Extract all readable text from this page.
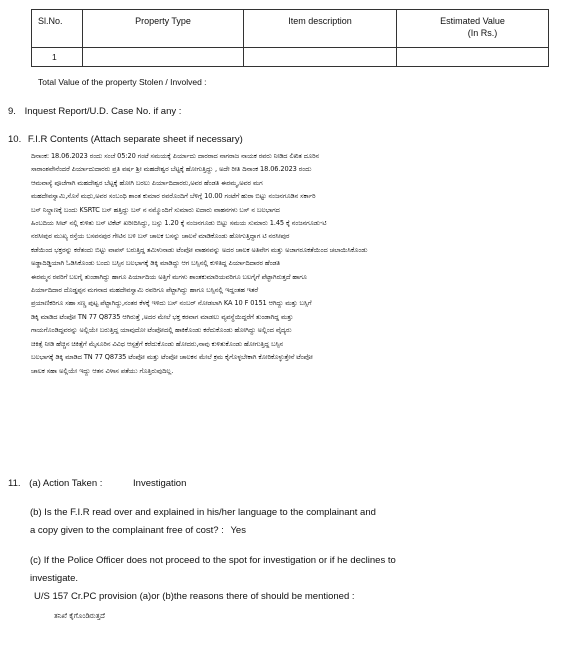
Sl.No.	Property Type	Item description	Estimated Value
(In Rs.)

1			
Total Value of the property Stolen / Involved :
9. Inquest Report/U.D. Case No. if any :
10. F.I.R Contents (Attach separate sheet if necessary)
ದಿನಾಂಕ: 18.06.2023 ರಂದು ಸಂಜೆ 05:20 ಗಂಟೆ ಸಮಯಕ್ಕೆ ಪಿರ್ಯಾದು ದಾರರಾದ ನಾಗರಾಜ ನಾಯಕ ರವರು ನೀಡಿದ ಲಿಖಿತ ದೂರಿನ
ಸಾರಾಂಶವೇನೆಂದರೆ ಪಿರ್ಯಾದುದಾರರು ಪ್ರತಿ ವರ್ಷ ಶ್ರೀ ಮಹದೇಶ್ವರ ಬೆಟ್ಟಕ್ಕೆ ಹೋಗುತ್ತಿದ್ದು , ಅದೇ ರೀತಿ ದಿನಾಂಕ 18.06.2023 ರಂದು
ಆಮವಾಸ್ಯೆ ಪೂಜೆಗಾಗಿ ಮಹದೇಶ್ವರ ಬೆಟ್ಟಕ್ಕೆ ಹೋಗಿ ಬರಲು ಪಿರ್ಯಾದಿದಾರರು,ಅವರ ಹೆಂಡತಿ ಈರಮ್ಮ,ಅವರ ಮಗ
ಮಹದೇವಸ್ವಾಮಿ,ಸೊಸೆ ಮಧು,ಅವರ ಸಂಬಂಧಿ ಶಾಂತ ಕುಮಾರ ರವರೊಂದಿಗೆ ಬೆಳಿಗ್ಗೆ 10.00 ಗಂಟೆಗೆ ಹುರಾ ಬಿಟ್ಟು ನಂಜನಗೂಡಿನ ಸರ್ಕಾರಿ
ಬಸ್ ನಿಲ್ದಾಣಕ್ಕೆ ಬಂದು KSRTC ಬಸ್ ಹತ್ತಿದ್ದು ಬಸ್ ನ ನಮ್ಮೊಂದಿಗೆ ಸುಮಾರು ಐದಾರು ವಾಹನಗಳು ಬಸ್ ನ ಬಲಭಾಗದ
ಹಿಂಬದಿಯ ಸೀಟ್ ನಲ್ಲಿ ಕುಳಿತು ಬಸ್ ಟಿಕೆಟ್ ಖರೀದಿಸಿದ್ದು, ಬಸ್ಸು 1.20 ಕ್ಕೆ ನಂಜನಗೂಡು ಬಿಟ್ಟು ಸಮಯ ಸುಮಾರು 1.45 ಕ್ಕೆ ನಂಜನಗೂಡು-ಟಿ
ನರಸೀಪುರ ಮುಖ್ಯ ರಸ್ತೆಯ ಬಸವನಪುರ ಗೇಟಿನ ಬಳಿ ಬಸ್ ಚಾಲಕ ಬಸನ್ನು ಚಾಲನೆ ಮಾಡಿಕೊಂಡು ಹೋಗುತ್ತಿದ್ದಾಗ ಟಿ ನರಸೀಪುರ
ಕಡೆಯಿಂದ ಭಕ್ತರನ್ನು ಕರೆತಂದು ಬಿಟ್ಟು ವಾಪಸ್ ಬರುತ್ತಿದ್ದ ತಮಿಳುನಾಡು ಟೆಂಪೋ ವಾಹನವನ್ನು ಅದರ ಚಾಲಕ ಅತಿವೇಗ ಮತ್ತು ಅಜಾಗರೂಕತೆಯಿಂದ ಚಲಾಯಿಸಿಕೊಂಡು
ಅಡ್ಡಾದಿಡ್ಡಿಯಾಗಿ ಓಡಿಸಿಕೊಂಡು ಬಂದು ಬಸ್ಸಿನ ಬಲಭಾಗಕ್ಕೆ ಡಿಕ್ಕಿ ಮಾಡಿದ್ದು ಆಗ ಬಸ್ಸಿನಲ್ಲಿ ಕುಳಿತಿದ್ದ ಪಿರ್ಯಾದಿದಾರರ ಹೆಂಡತಿ
ಈರಮ್ಮನ ರವರಿಗೆ ಬಲಗೈ ತುಂಡಾಗಿದ್ದು ಹಾಗೂ ಪಿರ್ಯಾದಿಯ ಅತ್ತಿಗೆ ಮಗಳು ಶಾಂತಕುಮಾರಿಯವರಿಗೂ ಬಲಗೈಗೆ ಪೆಟ್ಟಾಗಿರುತ್ತದೆ ಹಾಗೂ
ಪಿರ್ಯಾದಿದಾರ ದೊಡ್ಡಪ್ಪನ ಮಗನಾದ ಮಹದೇವಸ್ವಾಮಿ ರವರಿಗೂ ಪೆಟ್ಟಾಗಿದ್ದು ಹಾಗೂ ಬಸ್ಸಿನಲ್ಲಿ ಇದ್ದಂತಹ ಇತರೆ
ಪ್ರಯಾಣಿಕರಿಗೂ ಸಹಾ ಸಣ್ಣ ಪುಟ್ಟ ಪೆಟ್ಟಾಗಿದ್ದು,ನಂತರ ಕೆಳಕ್ಕೆ ಇಳಿದು ಬಸ್ ನಂಬರ್ ನೋಡಲಾಗಿ KA 10 F 0151 ಆಗಿದ್ದು ಮತ್ತು ಬಸ್ಸಿಗೆ
ಡಿಕ್ಕಿ ಮಾಡಿದ ಟೆಂಪೋ TN 77 Q8735 ಆಗಿರುತ್ತೆ ,ಅದರ ಮೇಲೆ ಭಕ್ತ ಕರವಾಗ ಮಾಡಲು ವ್ಯವಸ್ಥೆಯಿದ್ದರೆಗೆ ತುಂಡಾಗಿದ್ದ ಮತ್ತು
ಗಾಯಗೊಂಡಿದ್ದವರನ್ನು ಅಲ್ಲಿಯೇ ಬರುತ್ತಿದ್ದ ಯಾವುದೋ ಟೆಂಪೋದಲ್ಲಿ ಹಾಕಿಕೊಂಡು ಕರೆದುಕೊಂಡು ಹೋಗಿದ್ದು ಅಲ್ಲಿಂದ ವೈದ್ಯರು
ಚಿಕಿತ್ಸೆ ನೀಡಿ ಹೆಚ್ಚಿನ ಚಿಕಿತ್ಸೆಗೆ ಮೈಸೂರಿನ ವಿವಿಧ ಆಸ್ಪತ್ರೆಗೆ ಕರೆದುಕೊಂಡು ಹೋದರು,ನಾವು ಕುಳಿತುಕೊಂಡು ಹೋಗುತ್ತಿದ್ದ ಬಸ್ಸಿನ
ಬಲಭಾಗಕ್ಕೆ ಡಿಕ್ಕಿ ಮಾಡಿದ TN 77 Q8735 ಟೆಂಪೋ ಮತ್ತು ಟೆಂಪೋ ಚಾಲಕನ ಮೇಲೆ ಕ್ರಮ ಕೈಗೊಳ್ಳಬೇಕಾಗಿ ಕೋರಿಕೊಳ್ಳುತ್ತೇನೆ ಟೆಂಪೋ
ಚಾಲಕ ಸಹಾ ಅಲ್ಲಿಯೇ ಇದ್ದು ಆತನ ವಿಳಾಸ ಪತೆಯು ಗೊತ್ತಿರುವುದಿಲ್ಲ.
11. (a) Action Taken :	Investigation
(b) Is the F.I.R read over and explained in his/her language to the complainant and
a copy given to the complainant free of cost? : Yes
(c) If the Police Officer does not proceed to the spot for investigation or if he declines to
investigate.
U/S 157 Cr.PC provision (a)or (b)the reasons there of should be mentioned :
ತನಿಖೆ ಕೈಗೊಂಡಿರುತ್ತದೆ
